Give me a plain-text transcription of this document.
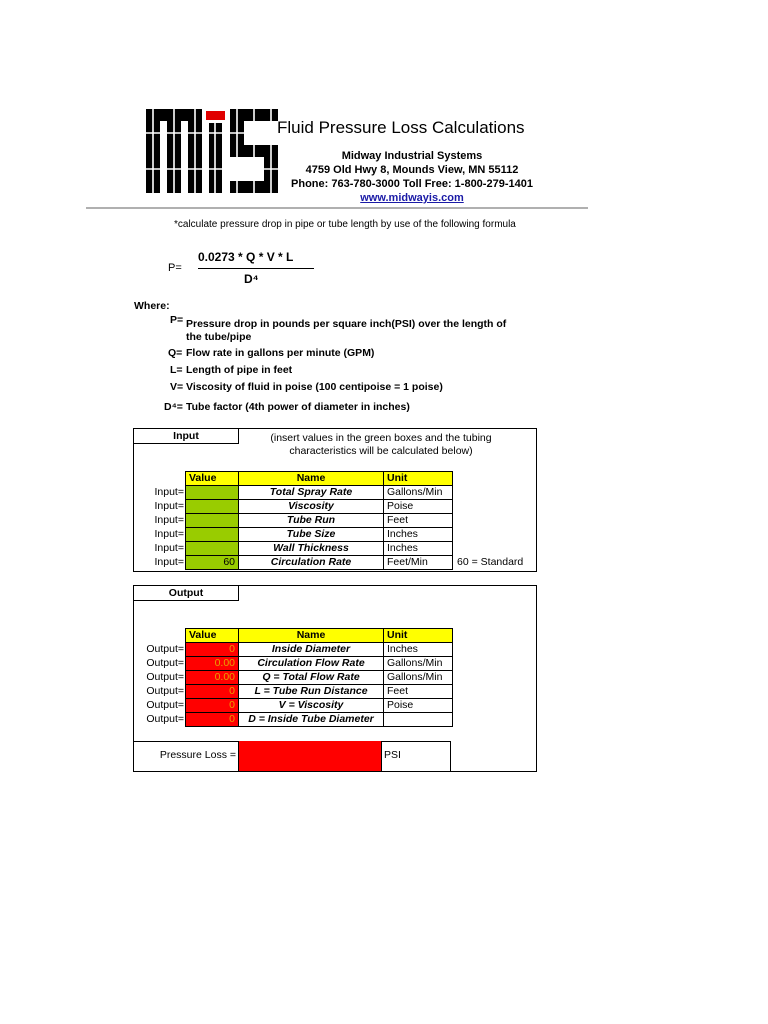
Fluid Pressure Loss Calculations
Midway Industrial Systems
4759 Old Hwy 8, Mounds View, MN 55112
Phone: 763-780-3000 Toll Free: 1-800-279-1401
www.midwayis.com
*calculate pressure drop in pipe or tube length by use of the following formula
0.0273 * Q * V * L
P=
D⁴
Where:
P= Pressure drop in pounds per square inch(PSI) over the length of
the tube/pipe
Q= Flow rate in gallons per minute (GPM)
L= Length of pipe in feet
V= Viscosity of fluid in poise (100 centipoise = 1 poise)
D⁴= Tube factor (4th power of diameter in inches)
Input	(insert values in the green boxes and the tubing
characteristics will be calculated below)
	Value	Name	Unit	
Input=		Total Spray Rate	Gallons/Min	
Input=		Viscosity	Poise	
Input=		Tube Run	Feet	
Input=		Tube Size	Inches	
Input=		Wall Thickness	Inches	
Input=	60	Circulation Rate	Feet/Min	60 = Standard
Output
	Value	Name	Unit
Output=	0	Inside Diameter	Inches
Output=	0.00	Circulation Flow Rate	Gallons/Min
Output=	0.00	Q = Total Flow Rate	Gallons/Min
Output=	0	L = Tube Run Distance	Feet
Output=	0	V = Viscosity	Poise
Output=	0	D = Inside Tube Diameter	
Pressure Loss =	PSI
